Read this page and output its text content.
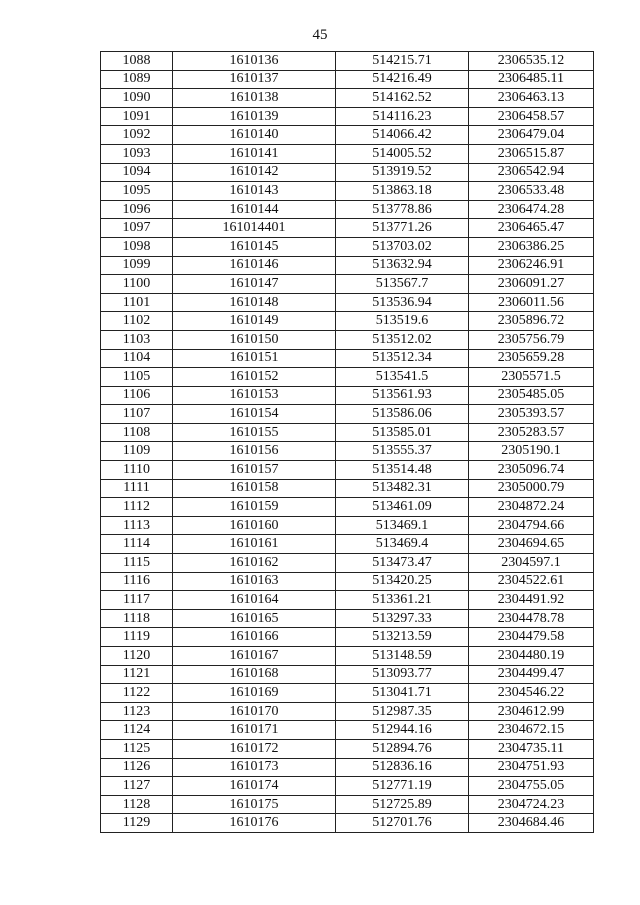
45
1088	1610136	514215.71	2306535.12
1089	1610137	514216.49	2306485.11
1090	1610138	514162.52	2306463.13
1091	1610139	514116.23	2306458.57
1092	1610140	514066.42	2306479.04
1093	1610141	514005.52	2306515.87
1094	1610142	513919.52	2306542.94
1095	1610143	513863.18	2306533.48
1096	1610144	513778.86	2306474.28
1097	161014401	513771.26	2306465.47
1098	1610145	513703.02	2306386.25
1099	1610146	513632.94	2306246.91
1100	1610147	513567.7	2306091.27
1101	1610148	513536.94	2306011.56
1102	1610149	513519.6	2305896.72
1103	1610150	513512.02	2305756.79
1104	1610151	513512.34	2305659.28
1105	1610152	513541.5	2305571.5
1106	1610153	513561.93	2305485.05
1107	1610154	513586.06	2305393.57
1108	1610155	513585.01	2305283.57
1109	1610156	513555.37	2305190.1
1110	1610157	513514.48	2305096.74
1111	1610158	513482.31	2305000.79
1112	1610159	513461.09	2304872.24
1113	1610160	513469.1	2304794.66
1114	1610161	513469.4	2304694.65
1115	1610162	513473.47	2304597.1
1116	1610163	513420.25	2304522.61
1117	1610164	513361.21	2304491.92
1118	1610165	513297.33	2304478.78
1119	1610166	513213.59	2304479.58
1120	1610167	513148.59	2304480.19
1121	1610168	513093.77	2304499.47
1122	1610169	513041.71	2304546.22
1123	1610170	512987.35	2304612.99
1124	1610171	512944.16	2304672.15
1125	1610172	512894.76	2304735.11
1126	1610173	512836.16	2304751.93
1127	1610174	512771.19	2304755.05
1128	1610175	512725.89	2304724.23
1129	1610176	512701.76	2304684.46
